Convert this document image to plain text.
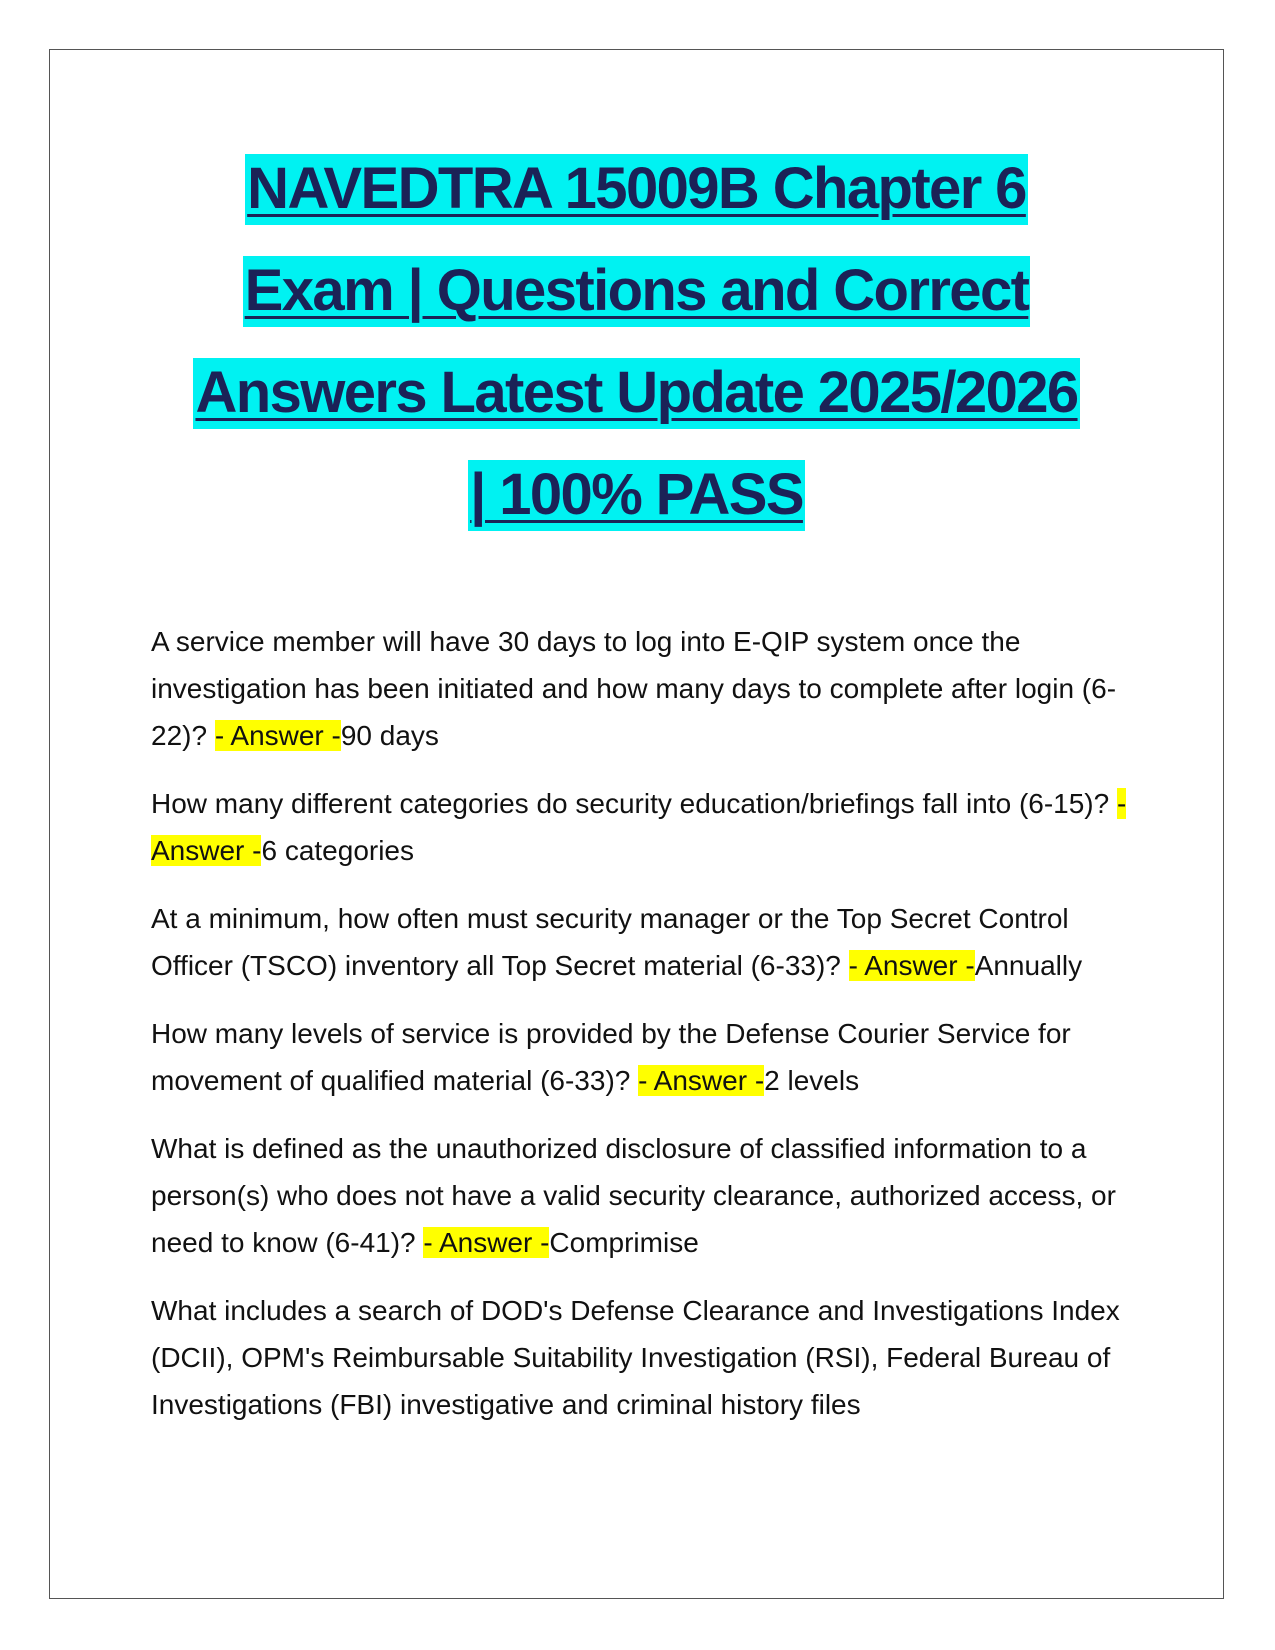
NAVEDTRA 15009B Chapter 6
Exam | Questions and Correct
Answers Latest Update 2025/2026
| 100% PASS

A service member will have 30 days to log into E-QIP system once the investigation has been initiated and how many days to complete after login (6-22)? - Answer -90 days

How many different categories do security education/briefings fall into (6-15)? - Answer -6 categories

At a minimum, how often must security manager or the Top Secret Control Officer (TSCO) inventory all Top Secret material (6-33)? - Answer -Annually

How many levels of service is provided by the Defense Courier Service for movement of qualified material (6-33)? - Answer -2 levels

What is defined as the unauthorized disclosure of classified information to a person(s) who does not have a valid security clearance, authorized access, or need to know (6-41)? - Answer -Comprimise

What includes a search of DOD's Defense Clearance and Investigations Index (DCII), OPM's Reimbursable Suitability Investigation (RSI), Federal Bureau of Investigations (FBI) investigative and criminal history files
